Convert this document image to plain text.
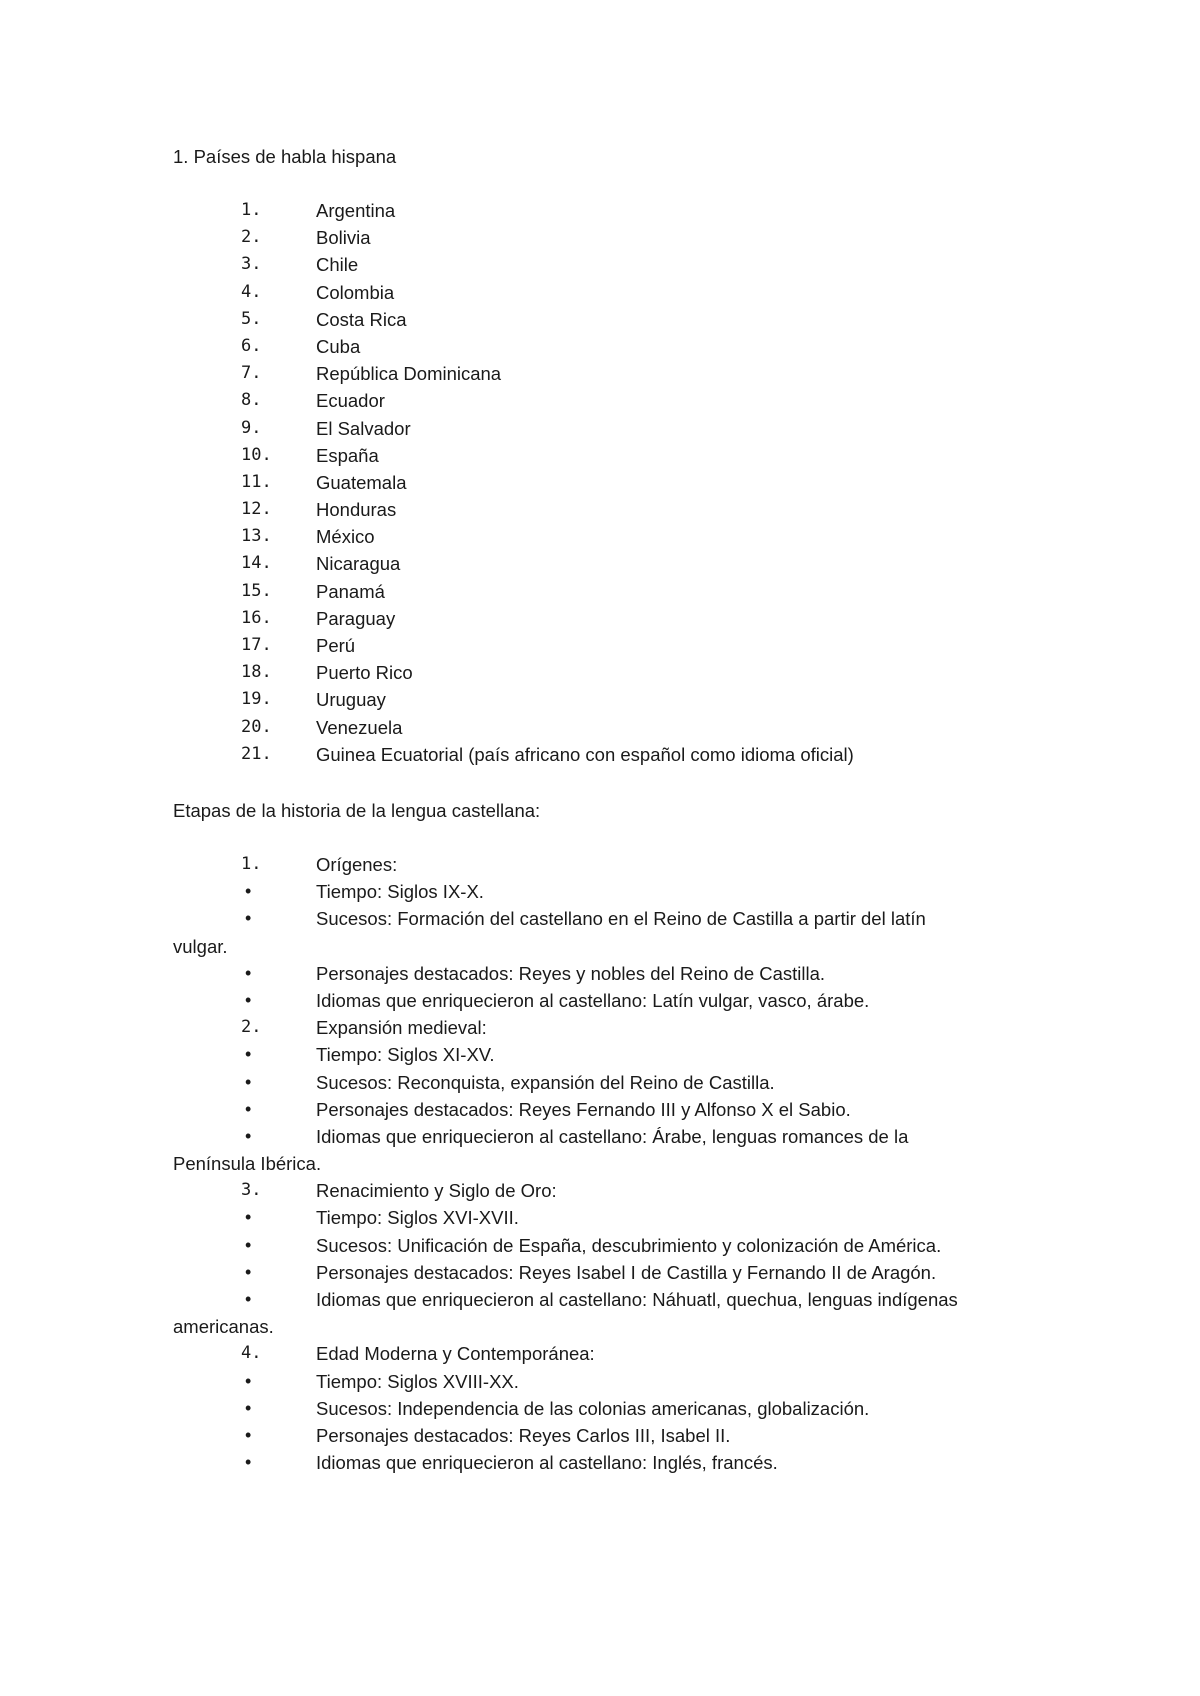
1. Países de habla hispana

1.	Argentina
2.	Bolivia
3.	Chile
4.	Colombia
5.	Costa Rica
6.	Cuba
7.	República Dominicana
8.	Ecuador
9.	El Salvador
10. España
11. Guatemala
12. Honduras
13. México
14. Nicaragua
15. Panamá
16. Paraguay
17. Perú
18. Puerto Rico
19. Uruguay
20. Venezuela
21. Guinea Ecuatorial (país africano con español como idioma oficial)

Etapas de la historia de la lengua castellana:

1.	Orígenes:
•	Tiempo: Siglos IX-X.
•	Sucesos: Formación del castellano en el Reino de Castilla a partir del latín
vulgar.
•	Personajes destacados: Reyes y nobles del Reino de Castilla.
•	Idiomas que enriquecieron al castellano: Latín vulgar, vasco, árabe.
2.	Expansión medieval:
•	Tiempo: Siglos XI-XV.
•	Sucesos: Reconquista, expansión del Reino de Castilla.
•	Personajes destacados: Reyes Fernando III y Alfonso X el Sabio.
•	Idiomas que enriquecieron al castellano: Árabe, lenguas romances de la
Península Ibérica.
3.	Renacimiento y Siglo de Oro:
•	Tiempo: Siglos XVI-XVII.
•	Sucesos: Unificación de España, descubrimiento y colonización de América.
•	Personajes destacados: Reyes Isabel I de Castilla y Fernando II de Aragón.
•	Idiomas que enriquecieron al castellano: Náhuatl, quechua, lenguas indígenas
americanas.
4.	Edad Moderna y Contemporánea:
•	Tiempo: Siglos XVIII-XX.
•	Sucesos: Independencia de las colonias americanas, globalización.
•	Personajes destacados: Reyes Carlos III, Isabel II.
•	Idiomas que enriquecieron al castellano: Inglés, francés.
